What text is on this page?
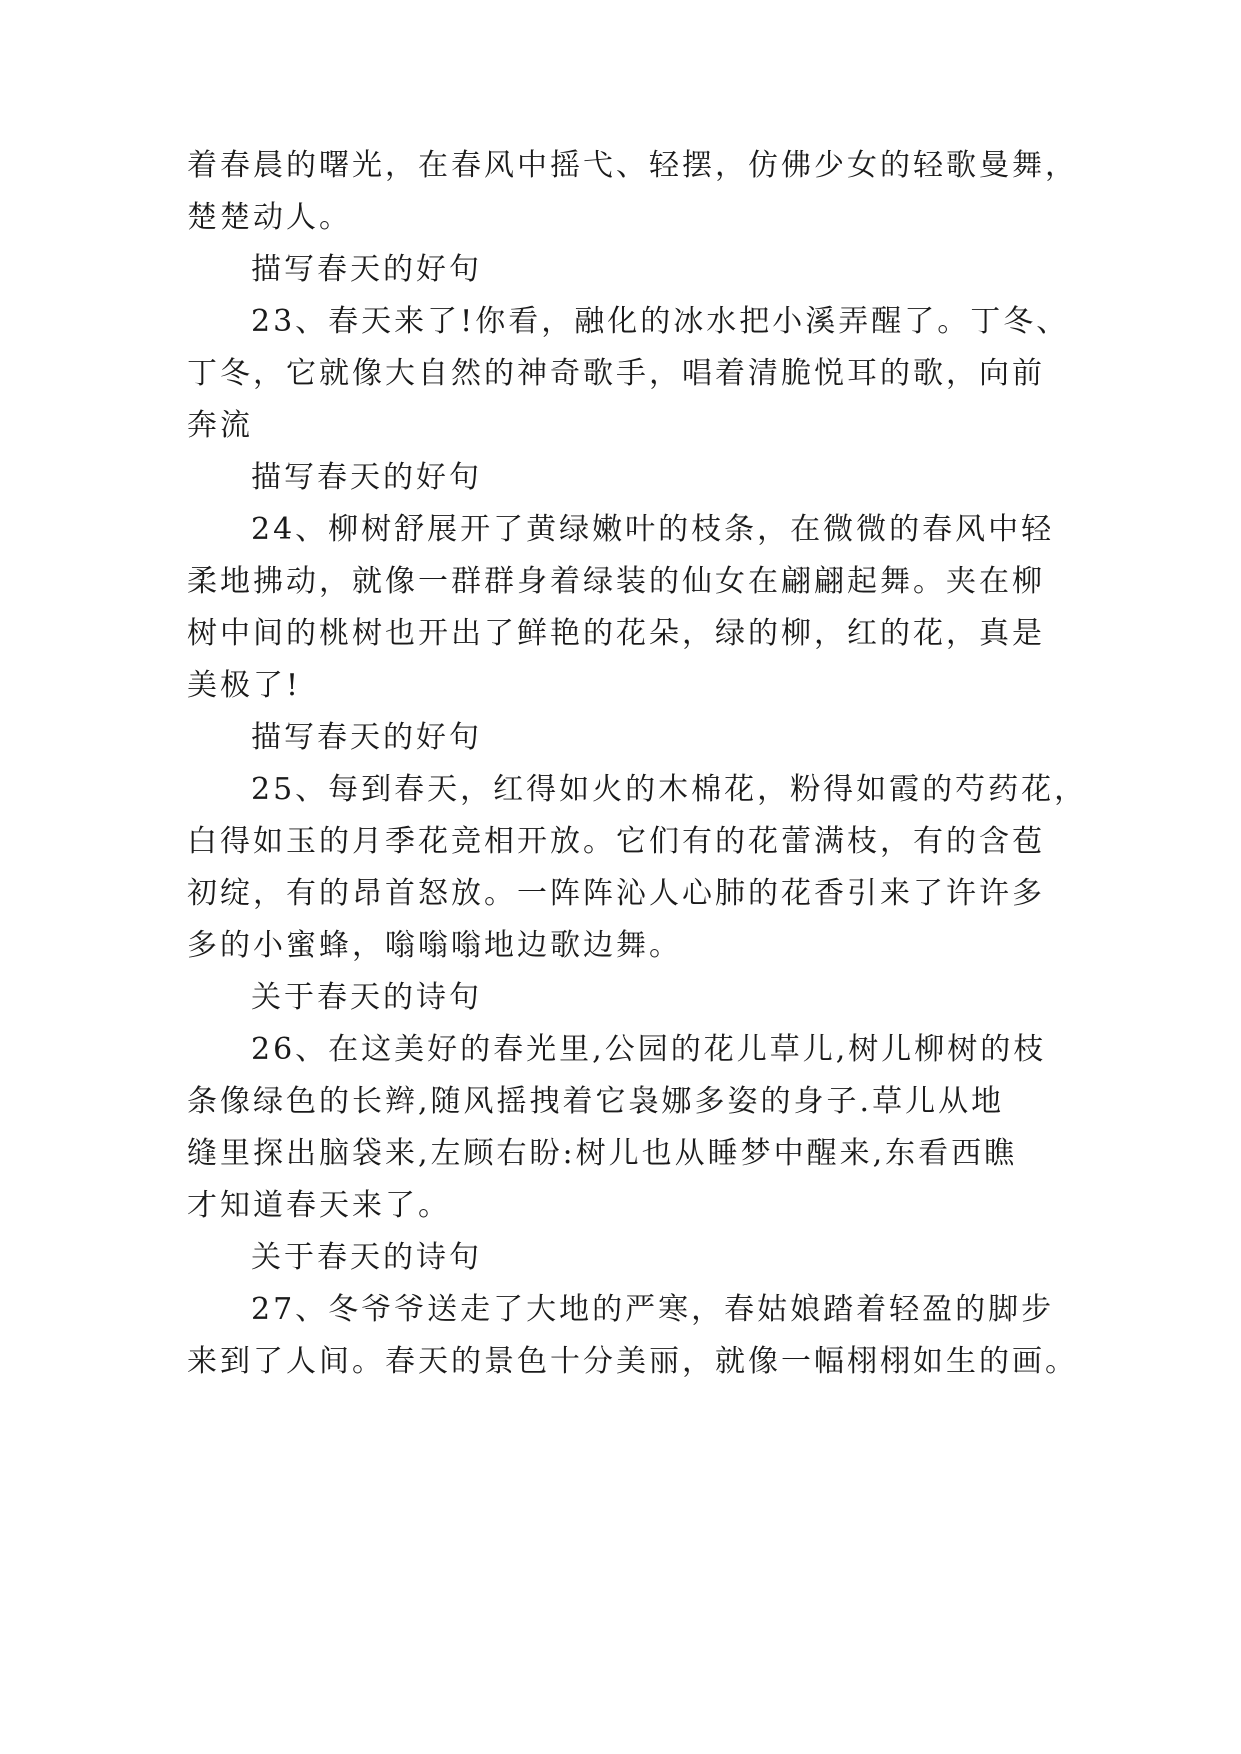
着春晨的曙光，在春风中摇弋、轻摆，仿佛少女的轻歌曼舞，
楚楚动人。
描写春天的好句
23、春天来了!你看，融化的冰水把小溪弄醒了。丁冬、
丁冬，它就像大自然的神奇歌手，唱着清脆悦耳的歌，向前
奔流
描写春天的好句
24、柳树舒展开了黄绿嫩叶的枝条，在微微的春风中轻
柔地拂动，就像一群群身着绿装的仙女在翩翩起舞。夹在柳
树中间的桃树也开出了鲜艳的花朵，绿的柳，红的花，真是
美极了!
描写春天的好句
25、每到春天，红得如火的木棉花，粉得如霞的芍药花，
白得如玉的月季花竞相开放。它们有的花蕾满枝，有的含苞
初绽，有的昂首怒放。一阵阵沁人心肺的花香引来了许许多
多的小蜜蜂，嗡嗡嗡地边歌边舞。
关于春天的诗句
26、在这美好的春光里,公园的花儿草儿,树儿柳树的枝
条像绿色的长辫,随风摇拽着它袅娜多姿的身子.草儿从地
缝里探出脑袋来,左顾右盼:树儿也从睡梦中醒来,东看西瞧
才知道春天来了。
关于春天的诗句
27、冬爷爷送走了大地的严寒，春姑娘踏着轻盈的脚步
来到了人间。春天的景色十分美丽，就像一幅栩栩如生的画。
